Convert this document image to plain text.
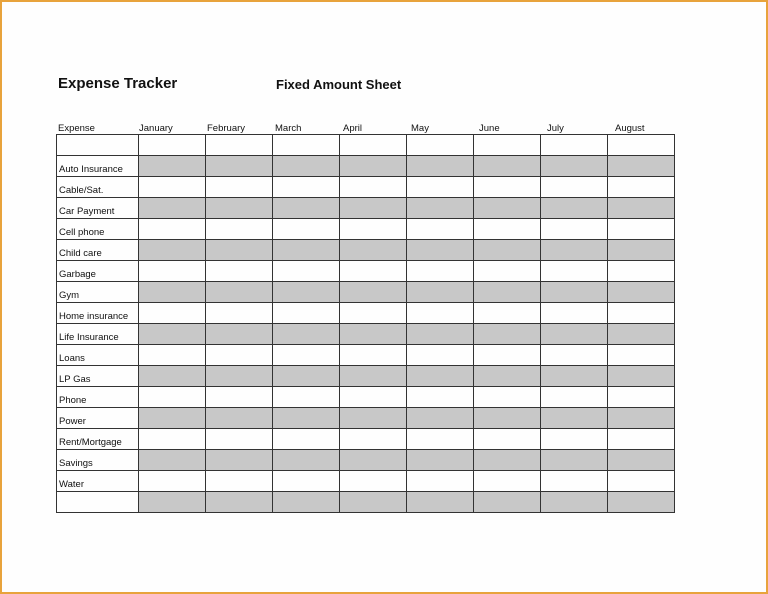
Expense Tracker	Fixed Amount Sheet
Expense	January	February	March	April	May	June	July	August

Auto Insurance								
Cable/Sat.								
Car Payment								
Cell phone								
Child care								
Garbage								
Gym								
Home insurance								
Life Insurance								
Loans								
LP Gas								
Phone								
Power								
Rent/Mortgage								
Savings								
Water								
